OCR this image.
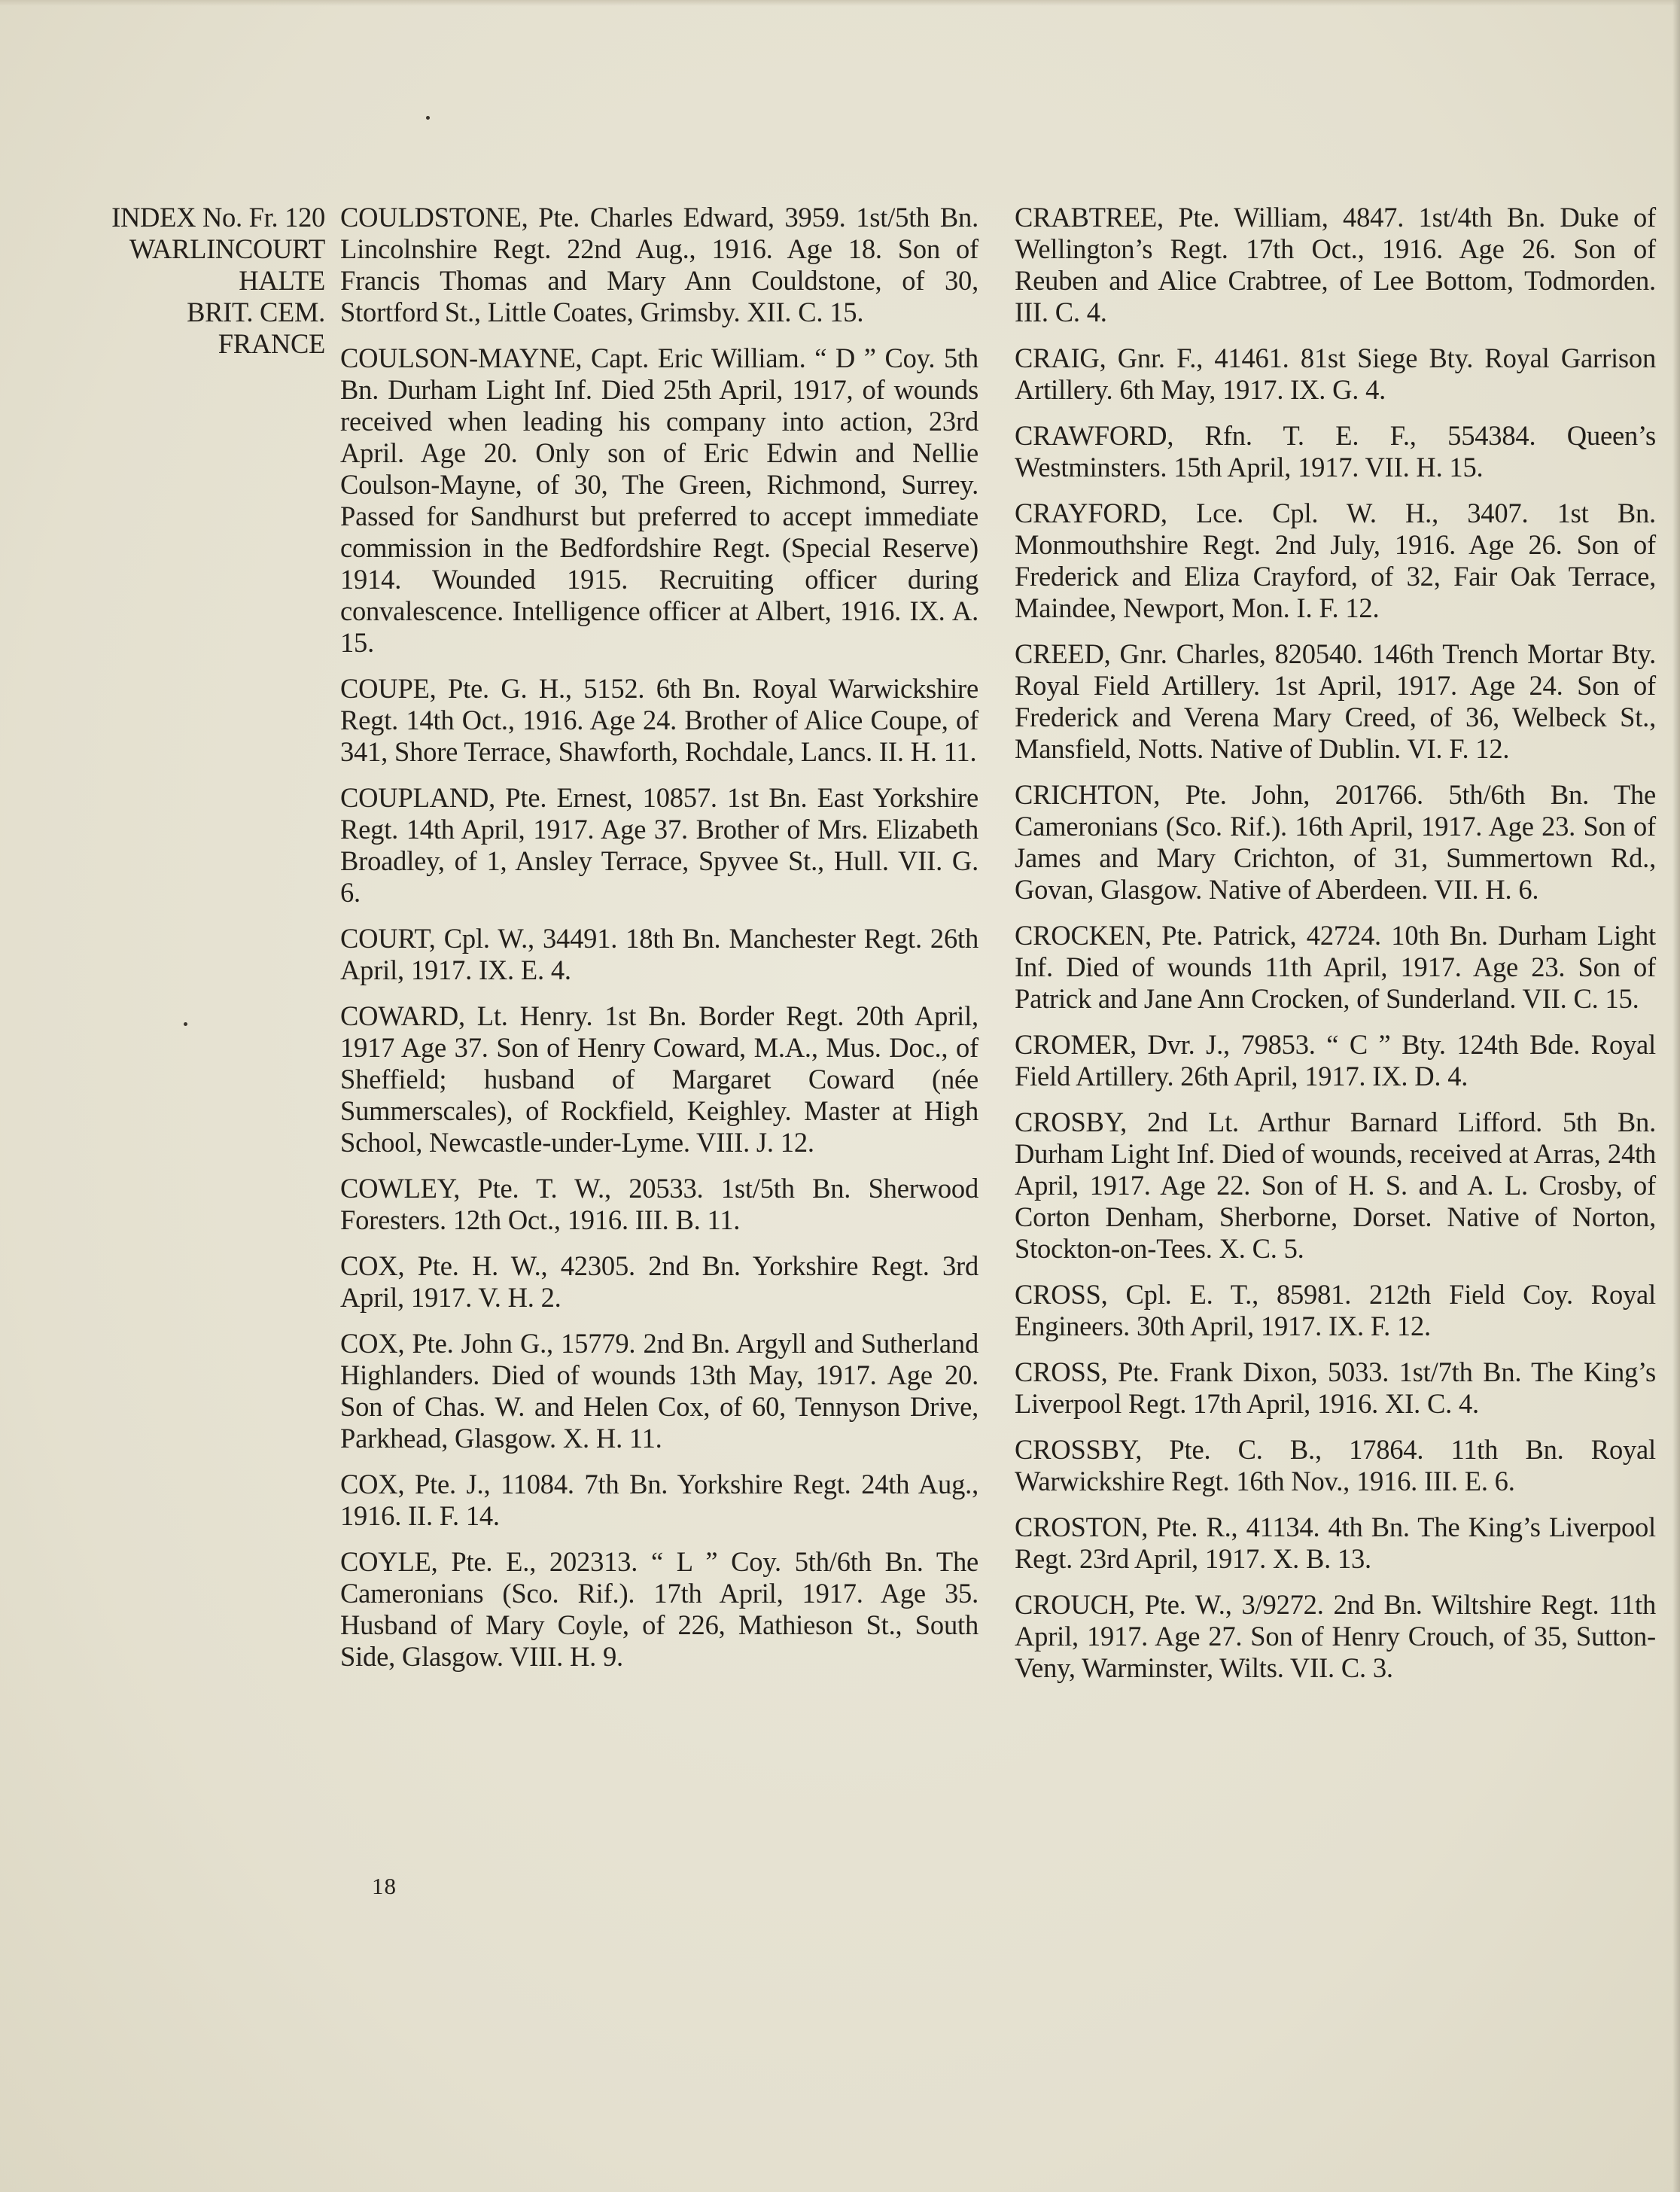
INDEX No. Fr. 120
WARLINCOURT
HALTE
BRIT. CEM.
FRANCE

COULDSTONE, Pte. Charles Edward, 3959. 1st/5th Bn. Lincolnshire Regt. 22nd Aug., 1916. Age 18. Son of Francis Thomas and Mary Ann Couldstone, of 30, Stortford St., Little Coates, Grimsby. XII. C. 15.

COULSON-MAYNE, Capt. Eric William. “ D ” Coy. 5th Bn. Durham Light Inf. Died 25th April, 1917, of wounds received when leading his company into action, 23rd April. Age 20. Only son of Eric Edwin and Nellie Coulson-Mayne, of 30, The Green, Richmond, Surrey. Passed for Sandhurst but preferred to accept immediate commission in the Bedfordshire Regt. (Special Reserve) 1914. Wounded 1915. Recruiting officer during convalescence. Intelligence officer at Albert, 1916. IX. A. 15.

COUPE, Pte. G. H., 5152. 6th Bn. Royal Warwickshire Regt. 14th Oct., 1916. Age 24. Brother of Alice Coupe, of 341, Shore Terrace, Shawforth, Rochdale, Lancs. II. H. 11.

COUPLAND, Pte. Ernest, 10857. 1st Bn. East Yorkshire Regt. 14th April, 1917. Age 37. Brother of Mrs. Elizabeth Broadley, of 1, Ansley Terrace, Spyvee St., Hull. VII. G. 6.

COURT, Cpl. W., 34491. 18th Bn. Manchester Regt. 26th April, 1917. IX. E. 4.

COWARD, Lt. Henry. 1st Bn. Border Regt. 20th April, 1917 Age 37. Son of Henry Coward, M.A., Mus. Doc., of Sheffield; husband of Margaret Coward (née Summerscales), of Rockfield, Keighley. Master at High School, Newcastle-under-Lyme. VIII. J. 12.

COWLEY, Pte. T. W., 20533. 1st/5th Bn. Sherwood Foresters. 12th Oct., 1916. III. B. 11.

COX, Pte. H. W., 42305. 2nd Bn. Yorkshire Regt. 3rd April, 1917. V. H. 2.

COX, Pte. John G., 15779. 2nd Bn. Argyll and Sutherland Highlanders. Died of wounds 13th May, 1917. Age 20. Son of Chas. W. and Helen Cox, of 60, Tennyson Drive, Parkhead, Glasgow. X. H. 11.

COX, Pte. J., 11084. 7th Bn. Yorkshire Regt. 24th Aug., 1916. II. F. 14.

COYLE, Pte. E., 202313. “ L ” Coy. 5th/6th Bn. The Cameronians (Sco. Rif.). 17th April, 1917. Age 35. Husband of Mary Coyle, of 226, Mathieson St., South Side, Glasgow. VIII. H. 9.

CRABTREE, Pte. William, 4847. 1st/4th Bn. Duke of Wellington’s Regt. 17th Oct., 1916. Age 26. Son of Reuben and Alice Crabtree, of Lee Bottom, Todmorden. III. C. 4.

CRAIG, Gnr. F., 41461. 81st Siege Bty. Royal Garrison Artillery. 6th May, 1917. IX. G. 4.

CRAWFORD, Rfn. T. E. F., 554384. Queen’s Westminsters. 15th April, 1917. VII. H. 15.

CRAYFORD, Lce. Cpl. W. H., 3407. 1st Bn. Monmouthshire Regt. 2nd July, 1916. Age 26. Son of Frederick and Eliza Crayford, of 32, Fair Oak Terrace, Maindee, Newport, Mon. I. F. 12.

CREED, Gnr. Charles, 820540. 146th Trench Mortar Bty. Royal Field Artillery. 1st April, 1917. Age 24. Son of Frederick and Verena Mary Creed, of 36, Welbeck St., Mansfield, Notts. Native of Dublin. VI. F. 12.

CRICHTON, Pte. John, 201766. 5th/6th Bn. The Cameronians (Sco. Rif.). 16th April, 1917. Age 23. Son of James and Mary Crichton, of 31, Summertown Rd., Govan, Glasgow. Native of Aberdeen. VII. H. 6.

CROCKEN, Pte. Patrick, 42724. 10th Bn. Durham Light Inf. Died of wounds 11th April, 1917. Age 23. Son of Patrick and Jane Ann Crocken, of Sunderland. VII. C. 15.

CROMER, Dvr. J., 79853. “ C ” Bty. 124th Bde. Royal Field Artillery. 26th April, 1917. IX. D. 4.

CROSBY, 2nd Lt. Arthur Barnard Lifford. 5th Bn. Durham Light Inf. Died of wounds, received at Arras, 24th April, 1917. Age 22. Son of H. S. and A. L. Crosby, of Corton Denham, Sherborne, Dorset. Native of Norton, Stockton-on-Tees. X. C. 5.

CROSS, Cpl. E. T., 85981. 212th Field Coy. Royal Engineers. 30th April, 1917. IX. F. 12.

CROSS, Pte. Frank Dixon, 5033. 1st/7th Bn. The King’s Liverpool Regt. 17th April, 1916. XI. C. 4.

CROSSBY, Pte. C. B., 17864. 11th Bn. Royal Warwickshire Regt. 16th Nov., 1916. III. E. 6.

CROSTON, Pte. R., 41134. 4th Bn. The King’s Liverpool Regt. 23rd April, 1917. X. B. 13.

CROUCH, Pte. W., 3/9272. 2nd Bn. Wiltshire Regt. 11th April, 1917. Age 27. Son of Henry Crouch, of 35, Sutton-Veny, Warminster, Wilts. VII. C. 3.

18
